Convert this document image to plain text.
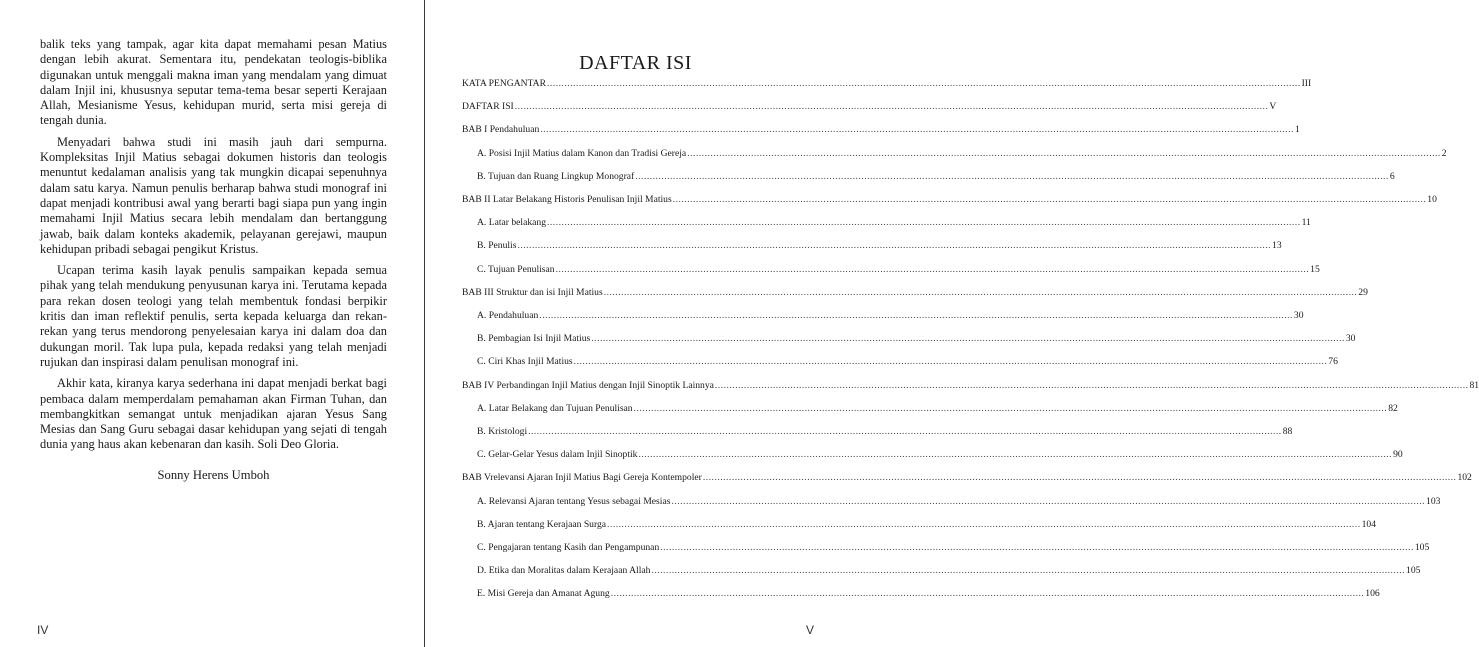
balik teks yang tampak, agar kita dapat memahami pesan Matius dengan lebih akurat. Sementara itu, pendekatan teologis-biblika digunakan untuk menggali makna iman yang mendalam yang dimuat dalam Injil ini, khususnya seputar tema-tema besar seperti Kerajaan Allah, Mesianisme Yesus, kehidupan murid, serta misi gereja di tengah dunia.

Menyadari bahwa studi ini masih jauh dari sempurna. Kompleksitas Injil Matius sebagai dokumen historis dan teologis menuntut kedalaman analisis yang tak mungkin dicapai sepenuhnya dalam satu karya. Namun penulis berharap bahwa studi monograf ini dapat menjadi kontribusi awal yang berarti bagi siapa pun yang ingin memahami Injil Matius secara lebih mendalam dan bertanggung jawab, baik dalam konteks akademik, pelayanan gerejawi, maupun kehidupan pribadi sebagai pengikut Kristus.

Ucapan terima kasih layak penulis sampaikan kepada semua pihak yang telah mendukung penyusunan karya ini. Terutama kepada para rekan dosen teologi yang telah membentuk fondasi berpikir kritis dan iman reflektif penulis, serta kepada keluarga dan rekan-rekan yang terus mendorong penyelesaian karya ini dalam doa dan dukungan moril. Tak lupa pula, kepada redaksi yang telah menjadi rujukan dan inspirasi dalam penulisan monograf ini.

Akhir kata, kiranya karya sederhana ini dapat menjadi berkat bagi pembaca dalam memperdalam pemahaman akan Firman Tuhan, dan membangkitkan semangat untuk menjadikan ajaran Yesus Sang Mesias dan Sang Guru sebagai dasar kehidupan yang sejati di tengah dunia yang haus akan kebenaran dan kasih. Soli Deo Gloria.

Sonny Herens Umboh
IV
DAFTAR ISI
KATA PENGANTAR .................................................................................................................................................................................................................................................................... III
DAFTAR ISI .................................................................................................................................................................................................................................................................... V
BAB I Pendahuluan .................................................................................................................................................................................................................................................................... 1
A. Posisi Injil Matius dalam Kanon dan Tradisi Gereja .................................................................................................................................................................................................................................................................... 2
B. Tujuan dan Ruang Lingkup Monograf .................................................................................................................................................................................................................................................................... 6
BAB II Latar Belakang Historis Penulisan Injil Matius .................................................................................................................................................................................................................................................................... 10
A. Latar belakang .................................................................................................................................................................................................................................................................... 11
B. Penulis .................................................................................................................................................................................................................................................................... 13
C. Tujuan Penulisan .................................................................................................................................................................................................................................................................... 15
BAB III Struktur dan isi Injil Matius .................................................................................................................................................................................................................................................................... 29
A. Pendahuluan .................................................................................................................................................................................................................................................................... 30
B. Pembagian Isi Injil Matius .................................................................................................................................................................................................................................................................... 30
C. Ciri Khas Injil Matius .................................................................................................................................................................................................................................................................... 76
BAB IV Perbandingan Injil Matius dengan Injil Sinoptik Lainnya .................................................................................................................................................................................................................................................................... 81
A. Latar Belakang dan Tujuan Penulisan .................................................................................................................................................................................................................................................................... 82
B. Kristologi .................................................................................................................................................................................................................................................................... 88
C. Gelar-Gelar Yesus dalam Injil Sinoptik .................................................................................................................................................................................................................................................................... 90
BAB Vrelevansi Ajaran Injil Matius Bagi Gereja Kontempoler .................................................................................................................................................................................................................................................................... 102
A. Relevansi Ajaran tentang Yesus sebagai Mesias .................................................................................................................................................................................................................................................................... 103
B. Ajaran tentang Kerajaan Surga .................................................................................................................................................................................................................................................................... 104
C. Pengajaran tentang Kasih dan Pengampunan .................................................................................................................................................................................................................................................................... 105
D. Etika dan Moralitas dalam Kerajaan Allah .................................................................................................................................................................................................................................................................... 105
E. Misi Gereja dan Amanat Agung .................................................................................................................................................................................................................................................................... 106
V
